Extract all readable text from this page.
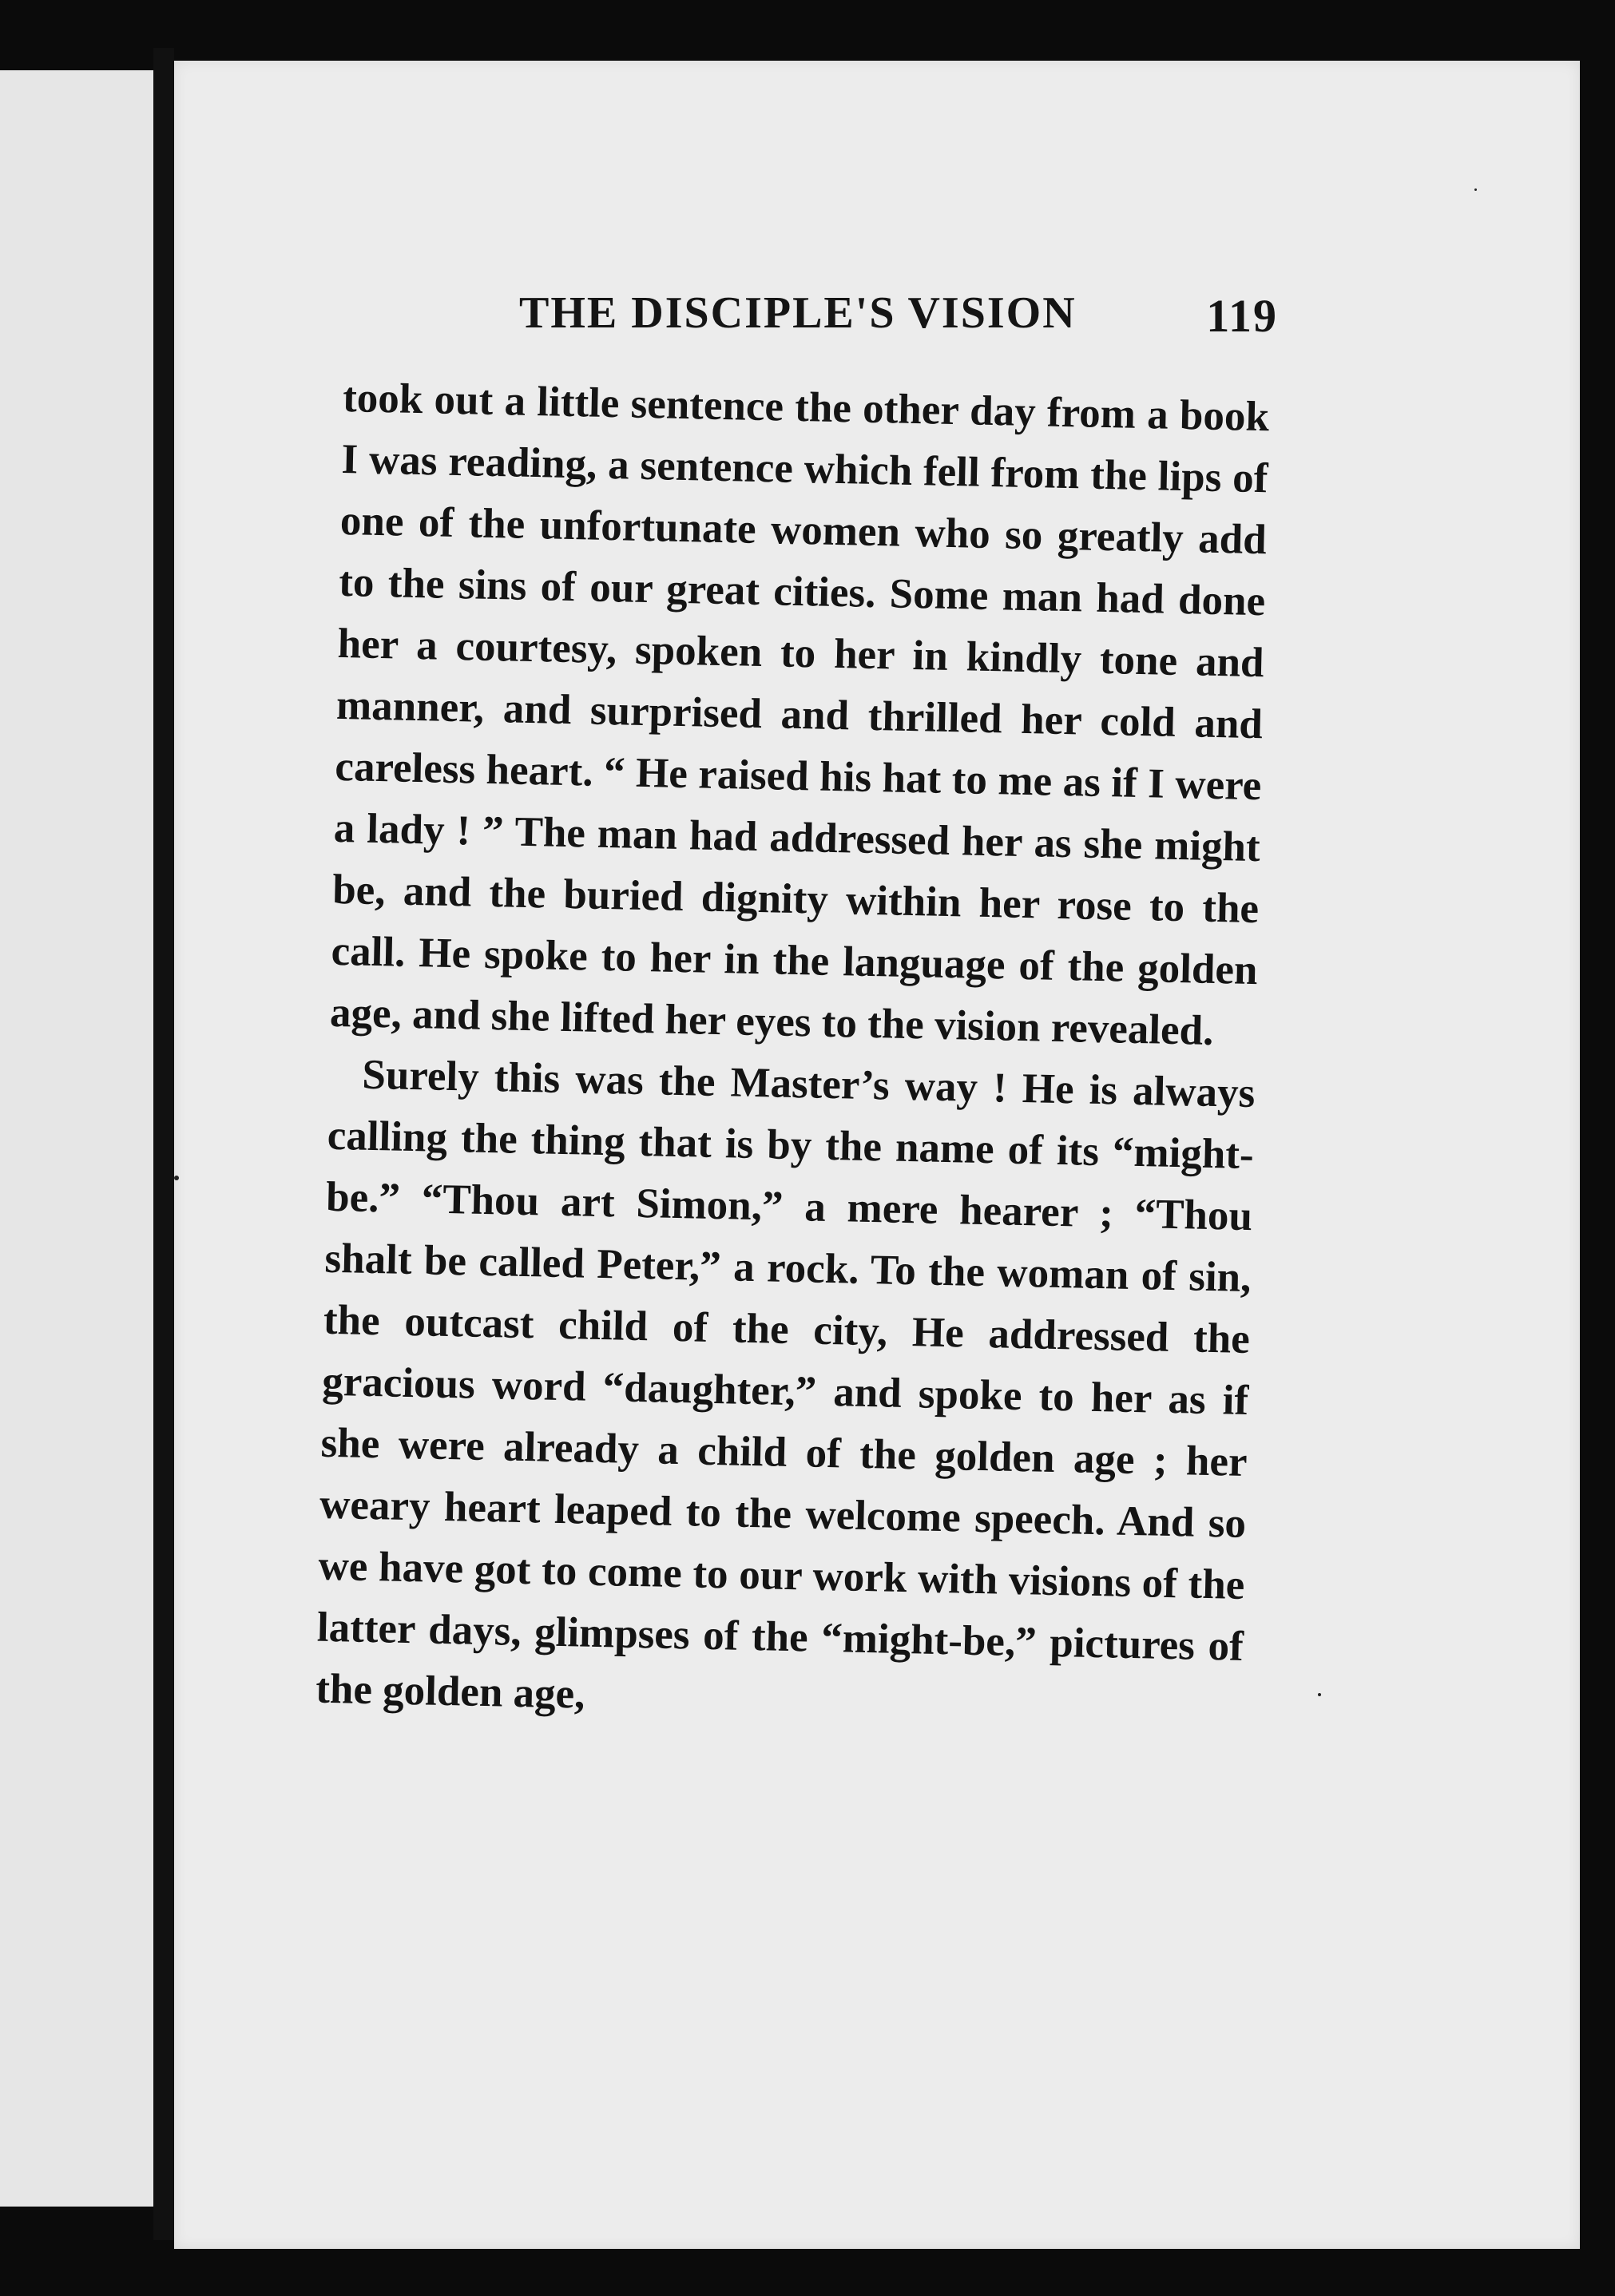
THE DISCIPLE'S VISION	119

took out a little sentence the other day from a book I was reading, a sentence which fell from the lips of one of the unfortunate women who so greatly add to the sins of our great cities. Some man had done her a courtesy, spoken to her in kindly tone and manner, and surprised and thrilled her cold and careless heart. “ He raised his hat to me as if I were a lady ! ” The man had addressed her as she might be, and the buried dignity within her rose to the call. He spoke to her in the language of the golden age, and she lifted her eyes to the vision revealed.

Surely this was the Master’s way ! He is always calling the thing that is by the name of its “might-be.” “Thou art Simon,” a mere hearer ; “Thou shalt be called Peter,” a rock. To the woman of sin, the outcast child of the city, He addressed the gracious word “daughter,” and spoke to her as if she were already a child of the golden age ; her weary heart leaped to the welcome speech. And so we have got to come to our work with visions of the latter days, glimpses of the “might-be,” pictures of the golden age,
